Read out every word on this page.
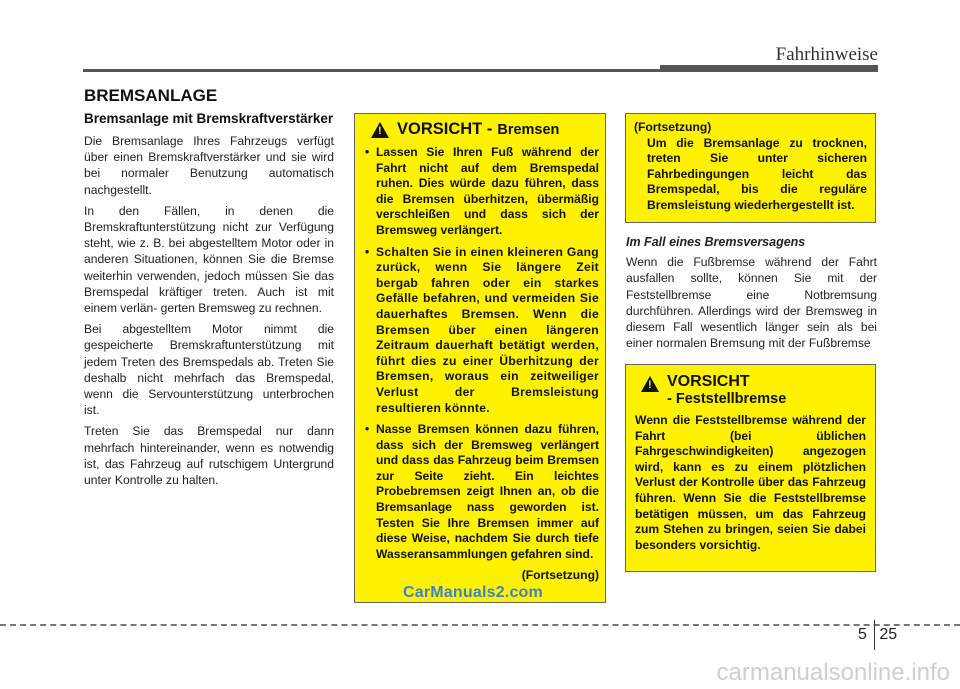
Fahrhinweise
BREMSANLAGE
Bremsanlage mit Bremskraftverstärker

Die Bremsanlage Ihres Fahrzeugs verfügt über einen Bremskraftverstärker und sie wird bei normaler Benutzung automatisch nachgestellt.

In den Fällen, in denen die Bremskraftunterstützung nicht zur Verfügung steht, wie z. B. bei abgestelltem Motor oder in anderen Situationen, können Sie die Bremse weiterhin verwenden, jedoch müssen Sie das Bremspedal kräftiger treten. Auch ist mit einem verlän- gerten Bremsweg zu rechnen.

Bei abgestelltem Motor nimmt die gespeicherte Bremskraftunterstützung mit jedem Treten des Bremspedals ab. Treten Sie deshalb nicht mehrfach das Bremspedal, wenn die Servounterstützung unterbrochen ist.

Treten Sie das Bremspedal nur dann mehrfach hintereinander, wenn es notwendig ist, das Fahrzeug auf rutschigem Untergrund unter Kontrolle zu halten.

!
VORSICHT - Bremsen
• Lassen Sie Ihren Fuß während der Fahrt nicht auf dem Bremspedal ruhen. Dies würde dazu führen, dass die Bremsen überhitzen, übermäßig verschleißen und dass sich der Bremsweg verlängert.
• Schalten Sie in einen kleineren Gang zurück, wenn Sie längere Zeit bergab fahren oder ein starkes Gefälle befahren, und vermeiden Sie dauerhaftes Bremsen. Wenn die Bremsen über einen längeren Zeitraum dauerhaft betätigt werden, führt dies zu einer Überhitzung der Bremsen, woraus ein zeitweiliger Verlust der Bremsleistung resultieren könnte.
• Nasse Bremsen können dazu führen, dass sich der Bremsweg verlängert und dass das Fahrzeug beim Bremsen zur Seite zieht. Ein leichtes Probebremsen zeigt Ihnen an, ob die Bremsanlage nass geworden ist. Testen Sie Ihre Bremsen immer auf diese Weise, nachdem Sie durch tiefe Wasseransammlungen gefahren sind.
(Fortsetzung)
(Fortsetzung)
Um die Bremsanlage zu trocknen, treten Sie unter sicheren Fahrbedingungen leicht das Bremspedal, bis die reguläre Bremsleistung wiederhergestellt ist.
Im Fall eines Bremsversagens

Wenn die Fußbremse während der Fahrt ausfallen sollte, können Sie mit der Feststellbremse eine Notbremsung durchführen. Allerdings wird der Bremsweg in diesem Fall wesentlich länger sein als bei einer normalen Bremsung mit der Fußbremse

!
VORSICHT
- Feststellbremse
Wenn die Feststellbremse während der Fahrt (bei üblichen Fahrgeschwindigkeiten) angezogen wird, kann es zu einem plötzlichen Verlust der Kontrolle über das Fahrzeug führen. Wenn Sie die Feststellbremse betätigen müssen, um das Fahrzeug zum Stehen zu bringen, seien Sie dabei besonders vorsichtig.
CarManuals2.com
5 25
carmanualsonline.info
